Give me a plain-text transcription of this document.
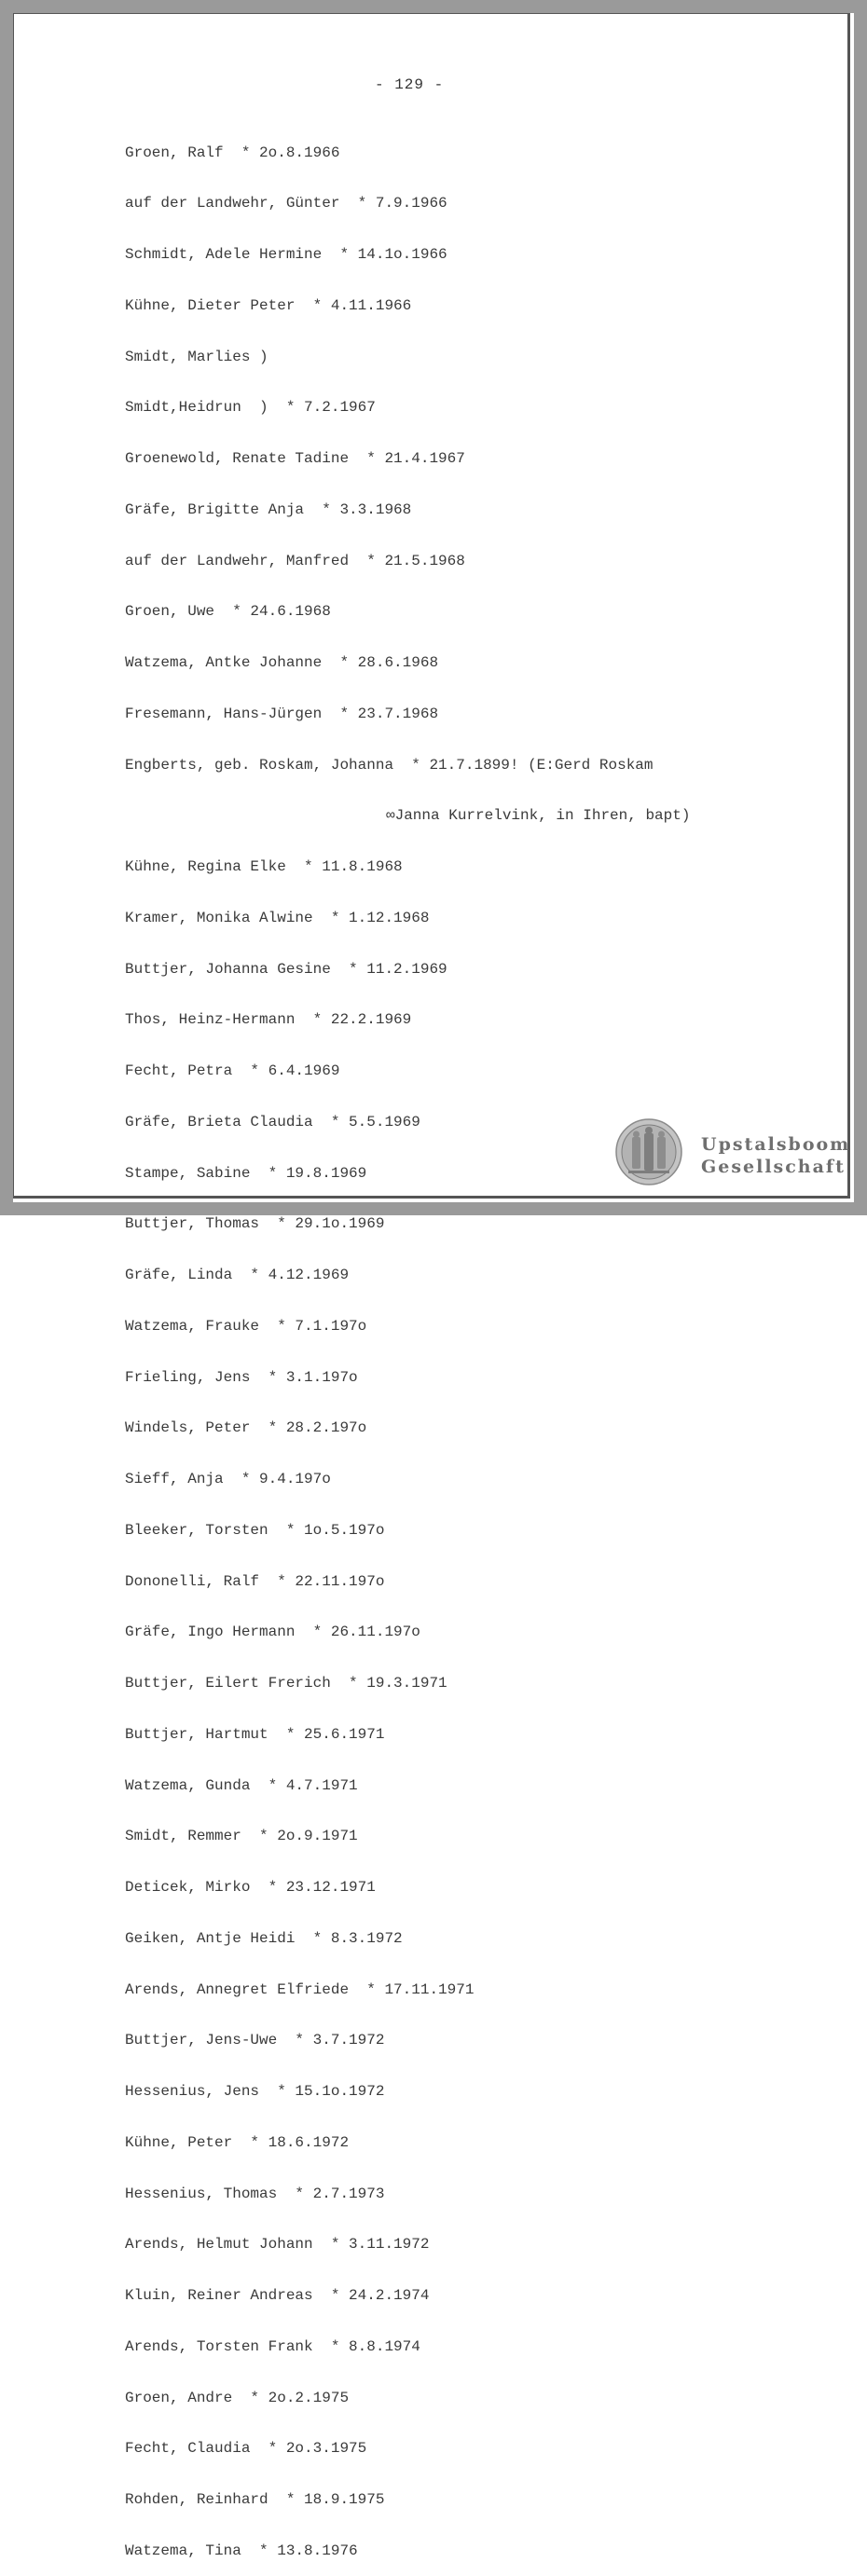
- 129 -

Groen, Ralf  * 2o.8.1966

auf der Landwehr, Günter  * 7.9.1966

Schmidt, Adele Hermine  * 14.1o.1966

Kühne, Dieter Peter  * 4.11.1966

Smidt, Marlies )

Smidt,Heidrun  )  * 7.2.1967

Groenewold, Renate Tadine  * 21.4.1967

Gräfe, Brigitte Anja  * 3.3.1968

auf der Landwehr, Manfred  * 21.5.1968

Groen, Uwe  * 24.6.1968

Watzema, Antke Johanne  * 28.6.1968

Fresemann, Hans-Jürgen  * 23.7.1968

Engberts, geb. Roskam, Johanna  * 21.7.1899! (E:Gerd Roskam

∞Janna Kurrelvink, in Ihren, bapt)

Kühne, Regina Elke  * 11.8.1968

Kramer, Monika Alwine  * 1.12.1968

Buttjer, Johanna Gesine  * 11.2.1969

Thos, Heinz-Hermann  * 22.2.1969

Fecht, Petra  * 6.4.1969

Gräfe, Brieta Claudia  * 5.5.1969

Stampe, Sabine  * 19.8.1969

Buttjer, Thomas  * 29.1o.1969

Gräfe, Linda  * 4.12.1969

Watzema, Frauke  * 7.1.197o

Frieling, Jens  * 3.1.197o

Windels, Peter  * 28.2.197o

Sieff, Anja  * 9.4.197o

Bleeker, Torsten  * 1o.5.197o

Dononelli, Ralf  * 22.11.197o

Gräfe, Ingo Hermann  * 26.11.197o

Buttjer, Eilert Frerich  * 19.3.1971

Buttjer, Hartmut  * 25.6.1971

Watzema, Gunda  * 4.7.1971

Smidt, Remmer  * 2o.9.1971

Deticek, Mirko  * 23.12.1971

Geiken, Antje Heidi  * 8.3.1972

Arends, Annegret Elfriede  * 17.11.1971

Buttjer, Jens-Uwe  * 3.7.1972

Hessenius, Jens  * 15.1o.1972

Kühne, Peter  * 18.6.1972

Hessenius, Thomas  * 2.7.1973

Arends, Helmut Johann  * 3.11.1972

Kluin, Reiner Andreas  * 24.2.1974

Arends, Torsten Frank  * 8.8.1974

Groen, Andre  * 2o.2.1975

Fecht, Claudia  * 2o.3.1975

Rohden, Reinhard  * 18.9.1975

Watzema, Tina  * 13.8.1976

Upstalsboom
Gesellschaft
